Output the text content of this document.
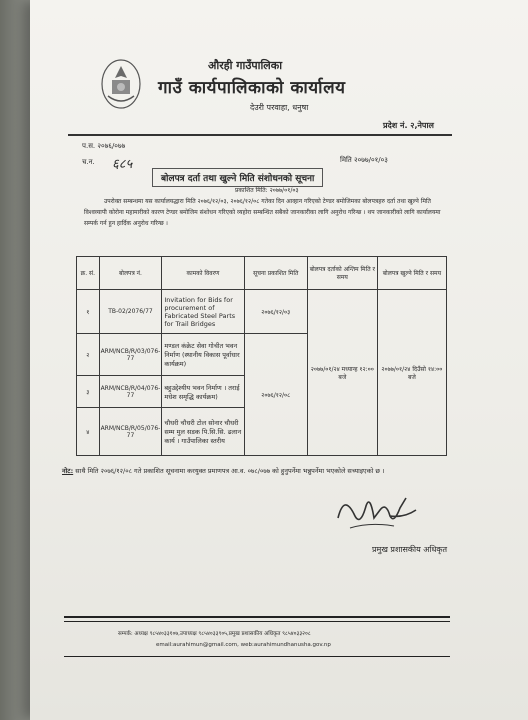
औरही गाउँपालिका
गाउँ कार्यपालिकाको कार्यालय
देउरी परवाहा, धनुषा
प्रदेश नं. २,नेपाल
प.स. २०७६/०७७
च.न. ६८५	मिति २०७७/०१/०३
बोलपत्र दर्ता तथा खुल्ने मिति संशोधनको सूचना
प्रकाशित मिति: २०७७/०१/०३
उपरोक्त सम्बन्धमा यस कार्यालयद्धारा मिति २०७६/१२/०३, २०७६/१२/०८ गतेका दिन आव्हान गरिएको टेण्डर बमोजिमका बोलपत्रहरु दर्ता तथा खुल्ने मिति विश्वव्यापी कोरोना महामारीको कारण टेण्डर बमोजिम संशोधन गरिएको व्यहोरा सम्बन्धित सबैको जानकारीका लागि अनुरोध गरिन्छ । थप जानकारीको लागि कार्यालयमा सम्पर्क गर्न हुन हार्दिक अनुरोध गरिन्छ ।
क्र. सं.	बोलपत्र नं.	कामको विवरण	सूचना प्रकाशित मिति	बोलपत्र दर्ताको अन्तिम मिति र समय	बोलपत्र खुल्ने मिति र समय
१	TB-02/2076/77	Invitation for Bids for procurement of Fabricated Steel Parts for Trail Bridges	२०७६/१२/०३	२०७७/०१/२४ मध्यान्ह १२:०० बजे	२०७७/०१/२४ दिउँसो १४:०० बजे
२	ARM/NCB/R/03/076-77	मण्डल कंक्रेट सेवा गोचीत भवन निर्माण (स्थानीय विकास पूर्वाधार कार्यक्रम)	२०७६/१२/०८		
३	ARM/NCB/R/04/076-77	बहुउद्देश्यीय भवन निर्माण । तराई मधेश समृद्धि कार्यक्रम)			
४	ARM/NCB/R/05/076-77	चौधरी चौधरी टोल सोनार चौधरी सम्म मुल सडक पि.सि.सि. ढलान कार्य । गाउँपालिका स्तरीय			
नोट: साथै मिति २०७६/१२/०८ गते प्रकाशित सूचनामा करयुक्त प्रमाणपत्र आ.व. ०७८/०७७ को हुनुपर्नेमा भन्नुपर्नेमा भएकोले सच्याइएको छ ।
प्रमुख प्रशासकीय अधिकृत
सम्पर्क: अध्यक्ष ९८५४०३३१०७,उपाध्यक्ष ९८५४०३३९०५,प्रमुख प्रशासकीय अधिकृत ९८५४०३३२०८
email:aurahimun@gmail.com, web:aurahimundhanusha.gov.np
